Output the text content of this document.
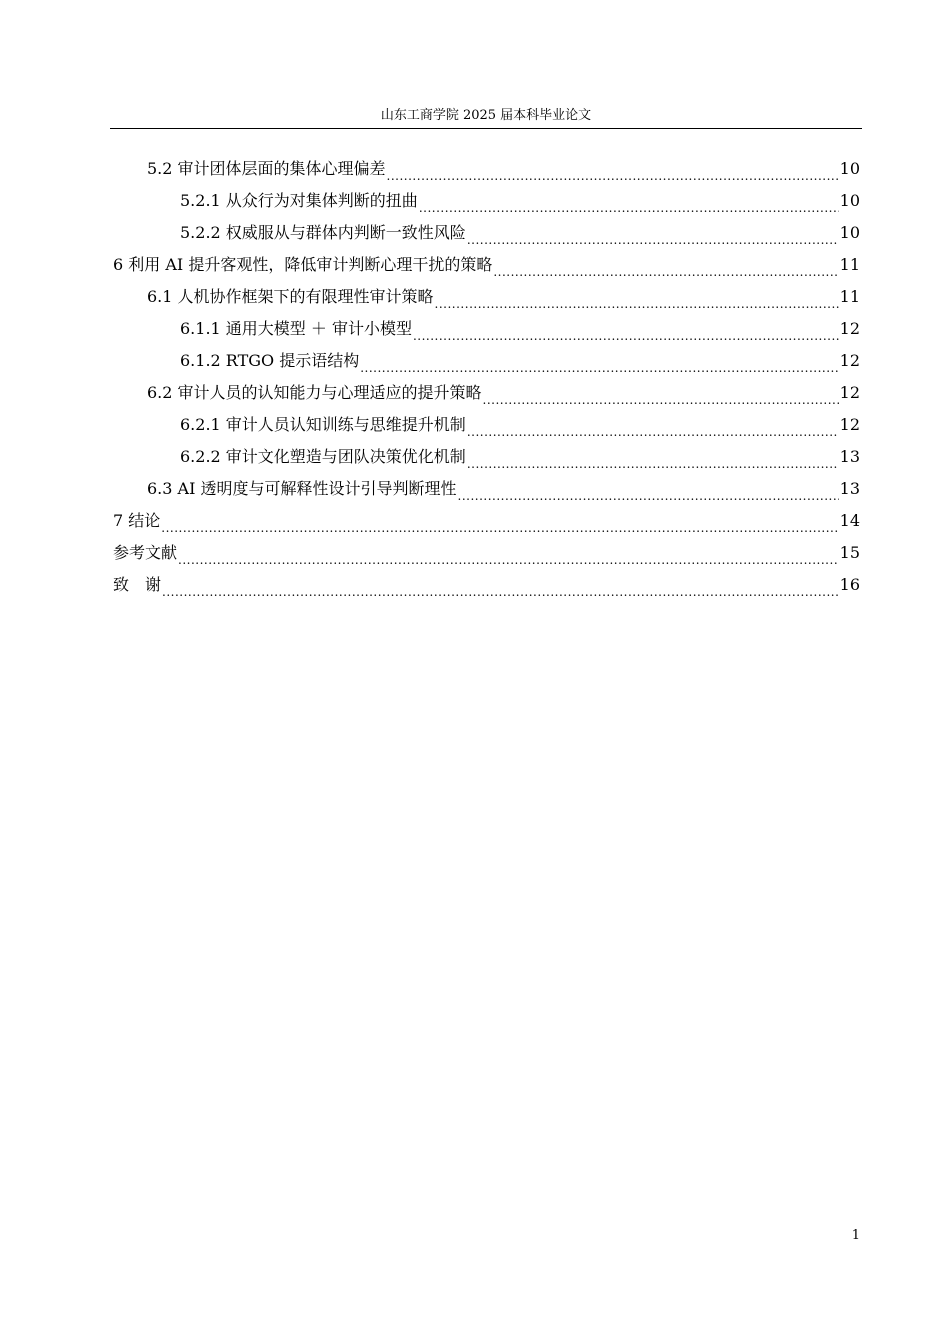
山东工商学院 2025 届本科毕业论文
5.2 审计团体层面的集体心理偏差 .....	10
5.2.1 从众行为对集体判断的扭曲 .....	10
5.2.2 权威服从与群体内判断一致性风险 .....	10
6 利用 AI 提升客观性，降低审计判断心理干扰的策略 .....	11
6.1 人机协作框架下的有限理性审计策略 .....	11
6.1.1 通用大模型 ＋ 审计小模型 .....	12
6.1.2 RTGO 提示语结构 .....	12
6.2 审计人员的认知能力与心理适应的提升策略 .....	12
6.2.1 审计人员认知训练与思维提升机制 .....	12
6.2.2 审计文化塑造与团队决策优化机制 .....	13
6.3 AI 透明度与可解释性设计引导判断理性 .....	13
7 结论 .....	14
参考文献 .....	15
致　谢 .....	16
1
